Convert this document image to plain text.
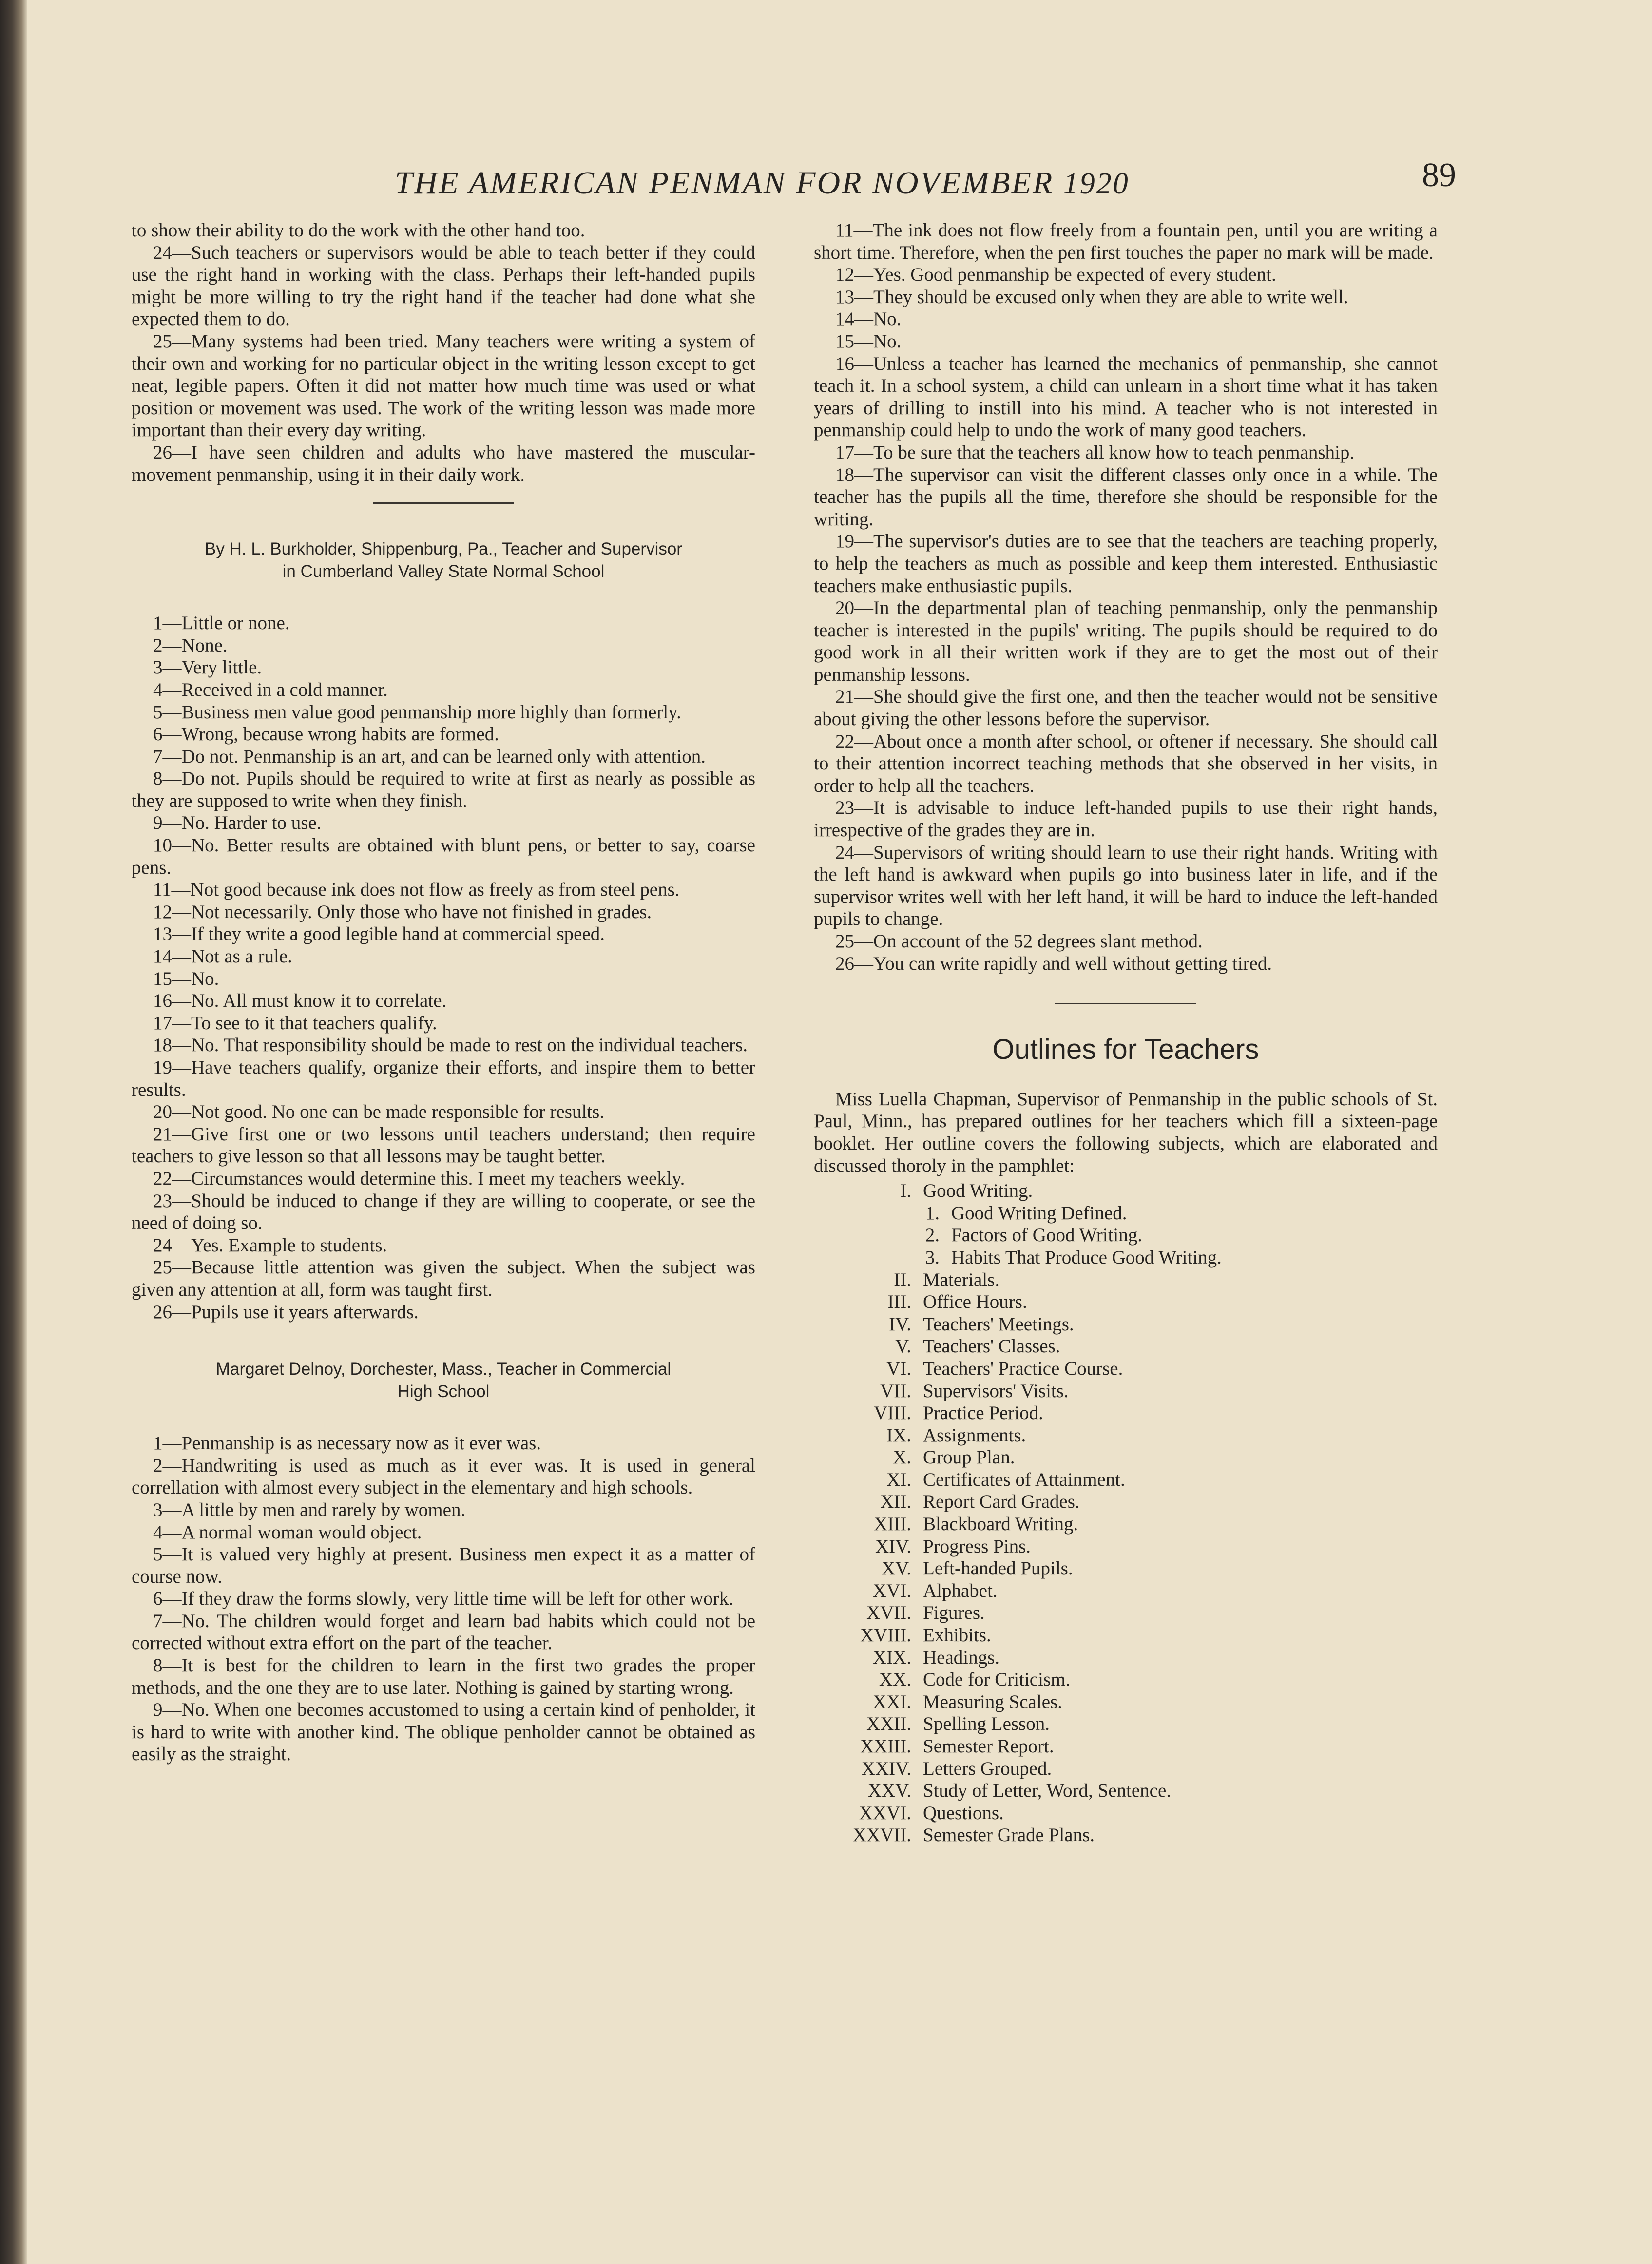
THE AMERICAN PENMAN FOR NOVEMBER 1920	89

to show their ability to do the work with the other hand too.

24—Such teachers or supervisors would be able to teach better if they could use the right hand in working with the class. Perhaps their left-handed pupils might be more willing to try the right hand if the teacher had done what she expected them to do.

25—Many systems had been tried. Many teachers were writing a system of their own and working for no particular object in the writing lesson except to get neat, legible papers. Often it did not matter how much time was used or what position or movement was used. The work of the writing lesson was made more important than their every day writing.

26—I have seen children and adults who have mastered the muscular-movement penmanship, using it in their daily work.

By H. L. Burkholder, Shippenburg, Pa., Teacher and Supervisor
in Cumberland Valley State Normal School

1—Little or none.

2—None.

3—Very little.

4—Received in a cold manner.

5—Business men value good penmanship more highly than formerly.

6—Wrong, because wrong habits are formed.

7—Do not. Penmanship is an art, and can be learned only with attention.

8—Do not. Pupils should be required to write at first as nearly as possible as they are supposed to write when they finish.

9—No. Harder to use.

10—No. Better results are obtained with blunt pens, or better to say, coarse pens.

11—Not good because ink does not flow as freely as from steel pens.

12—Not necessarily. Only those who have not finished in grades.

13—If they write a good legible hand at commercial speed.

14—Not as a rule.

15—No.

16—No. All must know it to correlate.

17—To see to it that teachers qualify.

18—No. That responsibility should be made to rest on the individual teachers.

19—Have teachers qualify, organize their efforts, and inspire them to better results.

20—Not good. No one can be made responsible for results.

21—Give first one or two lessons until teachers understand; then require teachers to give lesson so that all lessons may be taught better.

22—Circumstances would determine this. I meet my teachers weekly.

23—Should be induced to change if they are willing to cooperate, or see the need of doing so.

24—Yes. Example to students.

25—Because little attention was given the subject. When the subject was given any attention at all, form was taught first.

26—Pupils use it years afterwards.

Margaret Delnoy, Dorchester, Mass., Teacher in Commercial
High School

1—Penmanship is as necessary now as it ever was.

2—Handwriting is used as much as it ever was. It is used in general correllation with almost every subject in the elementary and high schools.

3—A little by men and rarely by women.

4—A normal woman would object.

5—It is valued very highly at present. Business men expect it as a matter of course now.

6—If they draw the forms slowly, very little time will be left for other work.

7—No. The children would forget and learn bad habits which could not be corrected without extra effort on the part of the teacher.

8—It is best for the children to learn in the first two grades the proper methods, and the one they are to use later. Nothing is gained by starting wrong.

9—No. When one becomes accustomed to using a certain kind of penholder, it is hard to write with another kind. The oblique penholder cannot be obtained as easily as the straight.

11—The ink does not flow freely from a fountain pen, until you are writing a short time. Therefore, when the pen first touches the paper no mark will be made.

12—Yes. Good penmanship be expected of every student.

13—They should be excused only when they are able to write well.

14—No.

15—No.

16—Unless a teacher has learned the mechanics of penmanship, she cannot teach it. In a school system, a child can unlearn in a short time what it has taken years of drilling to instill into his mind. A teacher who is not interested in penmanship could help to undo the work of many good teachers.

17—To be sure that the teachers all know how to teach penmanship.

18—The supervisor can visit the different classes only once in a while. The teacher has the pupils all the time, therefore she should be responsible for the writing.

19—The supervisor's duties are to see that the teachers are teaching properly, to help the teachers as much as possible and keep them interested. Enthusiastic teachers make enthusiastic pupils.

20—In the departmental plan of teaching penmanship, only the penmanship teacher is interested in the pupils' writing. The pupils should be required to do good work in all their written work if they are to get the most out of their penmanship lessons.

21—She should give the first one, and then the teacher would not be sensitive about giving the other lessons before the supervisor.

22—About once a month after school, or oftener if necessary. She should call to their attention incorrect teaching methods that she observed in her visits, in order to help all the teachers.

23—It is advisable to induce left-handed pupils to use their right hands, irrespective of the grades they are in.

24—Supervisors of writing should learn to use their right hands. Writing with the left hand is awkward when pupils go into business later in life, and if the supervisor writes well with her left hand, it will be hard to induce the left-handed pupils to change.

25—On account of the 52 degrees slant method.

26—You can write rapidly and well without getting tired.

Outlines for Teachers

Miss Luella Chapman, Supervisor of Penmanship in the public schools of St. Paul, Minn., has prepared outlines for her teachers which fill a sixteen-page booklet. Her outline covers the following subjects, which are elaborated and discussed thoroly in the pamphlet:

I. Good Writing.
1. Good Writing Defined.
2. Factors of Good Writing.
3. Habits That Produce Good Writing.
II. Materials.
III. Office Hours.
IV. Teachers' Meetings.
V. Teachers' Classes.
VI. Teachers' Practice Course.
VII. Supervisors' Visits.
VIII. Practice Period.
IX. Assignments.
X. Group Plan.
XI. Certificates of Attainment.
XII. Report Card Grades.
XIII. Blackboard Writing.
XIV. Progress Pins.
XV. Left-handed Pupils.
XVI. Alphabet.
XVII. Figures.
XVIII. Exhibits.
XIX. Headings.
XX. Code for Criticism.
XXI. Measuring Scales.
XXII. Spelling Lesson.
XXIII. Semester Report.
XXIV. Letters Grouped.
XXV. Study of Letter, Word, Sentence.
XXVI. Questions.
XXVII. Semester Grade Plans.
